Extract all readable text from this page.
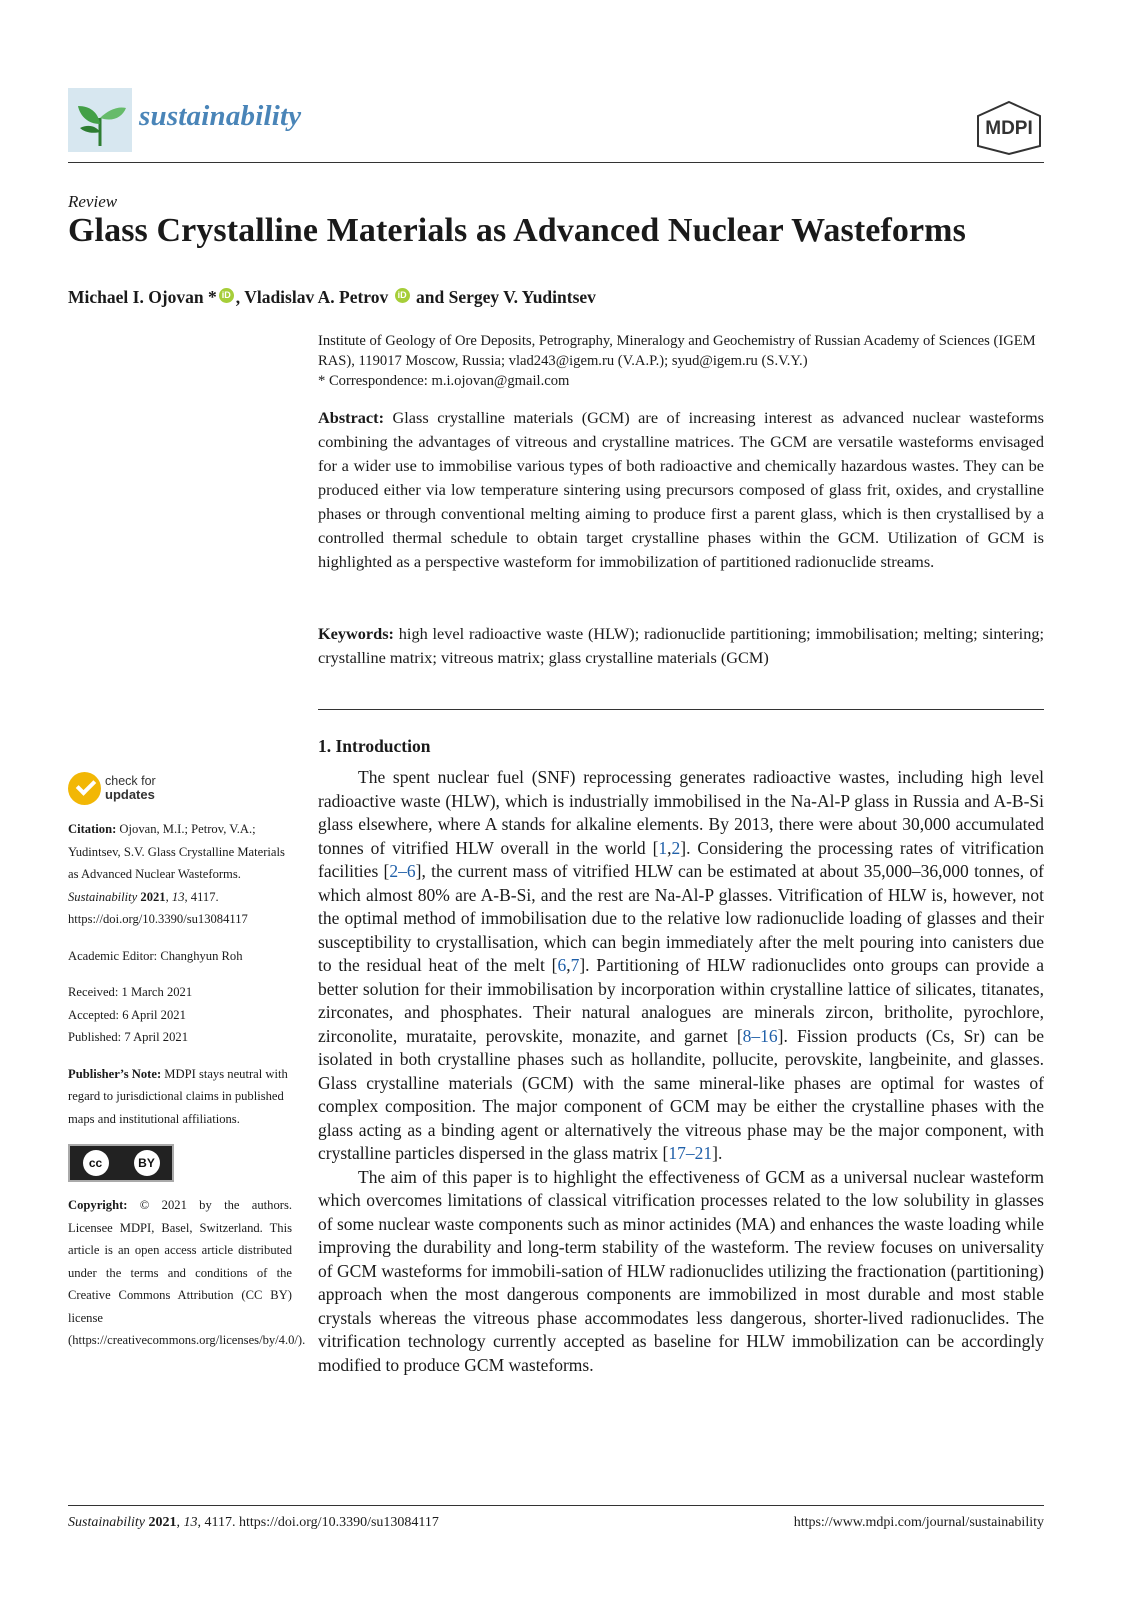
sustainability	MDPI
Review
Glass Crystalline Materials as Advanced Nuclear Wasteforms
Michael I. Ojovan * iD , Vladislav A. Petrov iD and Sergey V. Yudintsev
Institute of Geology of Ore Deposits, Petrography, Mineralogy and Geochemistry of Russian Academy of Sciences (IGEM RAS), 119017 Moscow, Russia; vlad243@igem.ru (V.A.P.); syud@igem.ru (S.V.Y.)
* Correspondence: m.i.ojovan@gmail.com
Abstract: Glass crystalline materials (GCM) are of increasing interest as advanced nuclear wasteforms combining the advantages of vitreous and crystalline matrices. The GCM are versatile wasteforms envisaged for a wider use to immobilise various types of both radioactive and chemically hazardous wastes. They can be produced either via low temperature sintering using precursors composed of glass frit, oxides, and crystalline phases or through conventional melting aiming to produce first a parent glass, which is then crystallised by a controlled thermal schedule to obtain target crystalline phases within the GCM. Utilization of GCM is highlighted as a perspective wasteform for immobilization of partitioned radionuclide streams.
Keywords: high level radioactive waste (HLW); radionuclide partitioning; immobilisation; melting; sintering; crystalline matrix; vitreous matrix; glass crystalline materials (GCM)
check for
updates
Citation: Ojovan, M.I.; Petrov, V.A.; Yudintsev, S.V. Glass Crystalline Materials as Advanced Nuclear Wasteforms. Sustainability 2021, 13, 4117. https://doi.org/10.3390/su13084117
Academic Editor: Changhyun Roh
Received: 1 March 2021
Accepted: 6 April 2021
Published: 7 April 2021
Publisher’s Note: MDPI stays neutral with regard to jurisdictional claims in published maps and institutional affiliations.
cc	BY
Copyright: © 2021 by the authors. Licensee MDPI, Basel, Switzerland. This article is an open access article distributed under the terms and conditions of the Creative Commons Attribution (CC BY) license (https://creativecommons.org/licenses/by/4.0/).
1. Introduction

The spent nuclear fuel (SNF) reprocessing generates radioactive wastes, including high level radioactive waste (HLW), which is industrially immobilised in the Na-Al-P glass in Russia and A-B-Si glass elsewhere, where A stands for alkaline elements. By 2013, there were about 30,000 accumulated tonnes of vitrified HLW overall in the world [1,2]. Considering the processing rates of vitrification facilities [2–6], the current mass of vitrified HLW can be estimated at about 35,000–36,000 tonnes, of which almost 80% are A-B-Si, and the rest are Na-Al-P glasses. Vitrification of HLW is, however, not the optimal method of immobilisation due to the relative low radionuclide loading of glasses and their susceptibility to crystallisation, which can begin immediately after the melt pouring into canisters due to the residual heat of the melt [6,7]. Partitioning of HLW radionuclides onto groups can provide a better solution for their immobilisation by incorporation within crystalline lattice of silicates, titanates, zirconates, and phosphates. Their natural analogues are minerals zircon, britholite, pyrochlore, zirconolite, murataite, perovskite, monazite, and garnet [8–16]. Fission products (Cs, Sr) can be isolated in both crystalline phases such as hollandite, pollucite, perovskite, langbeinite, and glasses. Glass crystalline materials (GCM) with the same mineral-like phases are optimal for wastes of complex composition. The major component of GCM may be either the crystalline phases with the glass acting as a binding agent or alternatively the vitreous phase may be the major component, with crystalline particles dispersed in the glass matrix [17–21].

The aim of this paper is to highlight the effectiveness of GCM as a universal nuclear wasteform which overcomes limitations of classical vitrification processes related to the low solubility in glasses of some nuclear waste components such as minor actinides (MA) and enhances the waste loading while improving the durability and long-term stability of the wasteform. The review focuses on universality of GCM wasteforms for immobili-sation of HLW radionuclides utilizing the fractionation (partitioning) approach when the most dangerous components are immobilized in most durable and most stable crystals whereas the vitreous phase accommodates less dangerous, shorter-lived radionuclides. The vitrification technology currently accepted as baseline for HLW immobilization can be accordingly modified to produce GCM wasteforms.

Sustainability 2021, 13, 4117. https://doi.org/10.3390/su13084117	https://www.mdpi.com/journal/sustainability
